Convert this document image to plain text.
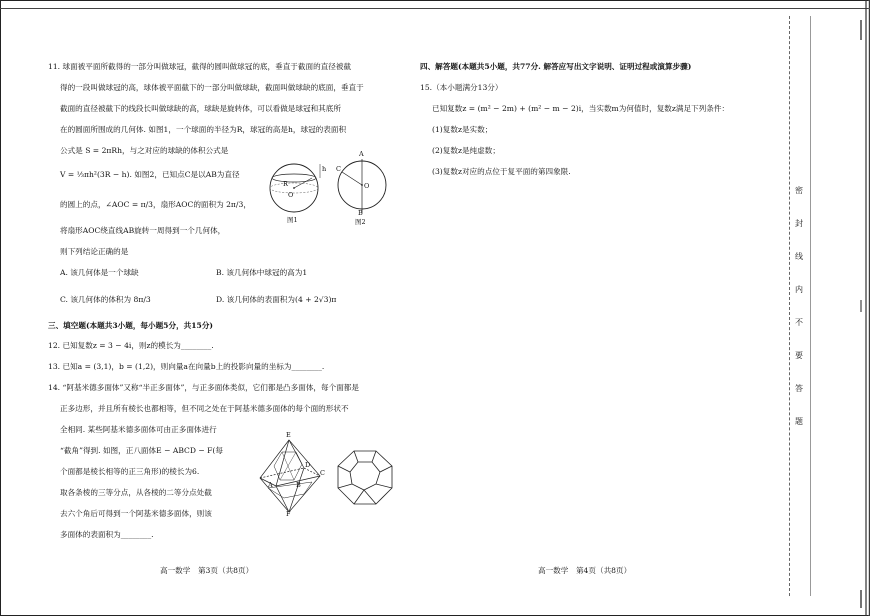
11. 球面被平面所截得的一部分叫做球冠，截得的圆叫做球冠的底，垂直于截面的直径被截
得的一段叫做球冠的高，球体被平面截下的一部分叫做球缺，截面叫做球缺的底面，垂直于
截面的直径被截下的线段长叫做球缺的高，球缺是旋转体，可以看做是球冠和其底所
在的圆面所围成的几何体. 如图1，一个球面的半径为R，球冠的高是h，球冠的表面积
公式是 S = 2πRh，与之对应的球缺的体积公式是
V = ⅓πh²(3R − h). 如图2，已知点C是以AB为直径
的圆上的点，∠AOC = π/3，扇形AOC的面积为 2π/3，
将扇形AOC绕直线AB旋转一周得到一个几何体，
则下列结论正确的是
A. 该几何体是一个球缺	B. 该几何体中球冠的高为1
C. 该几何体的体积为 8π/3	D. 该几何体的表面积为(4 + 2√3)π
R
h
O
图1
A
C
O
B
图2
三、填空题(本题共3小题，每小题5分，共15分)
12. 已知复数z = 3 − 4i，则z的模长为________.
13. 已知a = (3,1)，b = (1,2)，则向量a在向量b上的投影向量的坐标为________.
14. “阿基米德多面体”又称“半正多面体”，与正多面体类似，它们都是凸多面体，每个面都是
正多边形，并且所有棱长也都相等，但不同之处在于阿基米德多面体的每个面的形状不
全相同. 某些阿基米德多面体可由正多面体进行
“截角”得到. 如图，正八面体E − ABCD − F(每
个面都是棱长相等的正三角形)的棱长为6.
取各条棱的三等分点，从各棱的二等分点处截
去六个角后可得到一个阿基米德多面体，则该
多面体的表面积为________.
E
F
A	B
C
D
高一数学　第3页（共8页）
四、解答题(本题共5小题，共77分. 解答应写出文字说明、证明过程或演算步骤)
15.（本小题满分13分）
已知复数z = (m² − 2m) + (m² − m − 2)i，当实数m为何值时，复数z满足下列条件：
(1)复数z是实数；
(2)复数z是纯虚数；
(3)复数z对应的点位于复平面的第四象限.
高一数学　第4页（共8页）
密
封
线
内
不
要
答
题
